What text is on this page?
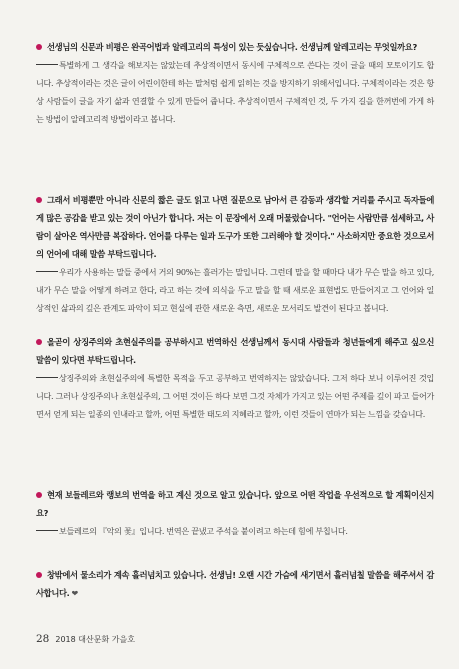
선생님의 신문과 비평은 완곡어법과 알레고리의 특성이 있는 듯싶습니다. 선생님께 알레고리는 무엇일까요?

특별하게 그 생각을 해보지는 않았는데 추상적이면서 동시에 구체적으로 쓴다는 것이 글을 때의 모토이기도 합니다. 추상적이라는 것은 글이 어린이한테 하는 말처럼 쉽게 읽히는 것을 방지하기 위해서입니다. 구체적이라는 것은 항상 사람들이 글을 자기 삶과 연결할 수 있게 만들어 줍니다. 추상적이면서 구체적인 것, 두 가지 길을 한꺼번에 가게 하는 방법이 알레고리적 방법이라고 봅니다.

그래서 비평뿐만 아니라 신문의 짧은 글도 읽고 나면 질문으로 남아서 큰 감동과 생각할 거리를 주시고 독자들에게 많은 공감을 받고 있는 것이 아닌가 합니다. 저는 이 문장에서 오래 머물렀습니다. "언어는 사람만큼 섬세하고, 사람이 살아온 역사만큼 복잡하다. 언어를 다루는 일과 도구가 또한 그러해야 할 것이다." 사소하지만 중요한 것으로서의 언어에 대해 말씀 부탁드립니다.

우리가 사용하는 말들 중에서 거의 90%는 흘러가는 말입니다. 그런데 말을 할 때마다 내가 무슨 말을 하고 있다, 내가 무슨 말을 어떻게 하려고 한다, 라고 하는 것에 의식을 두고 말을 할 때 새로운 표현법도 만들어지고 그 언어와 일상적인 삶과의 깊은 관계도 파악이 되고 현실에 관한 새로운 측면, 새로운 모서리도 발견이 된다고 봅니다.

올곧이 상징주의와 초현실주의를 공부하시고 번역하신 선생님께서 동시대 사람들과 청년들에게 해주고 싶으신 말씀이 있다면 부탁드립니다.

상징주의와 초현실주의에 특별한 목적을 두고 공부하고 번역하지는 않았습니다. 그저 하다 보니 이루어진 것입니다. 그러나 상징주의나 초현실주의, 그 어떤 것이든 하다 보면 그것 자체가 가지고 있는 어떤 주제를 깊이 파고 들어가면서 얻게 되는 일종의 인내라고 할까, 어떤 특별한 태도의 지혜라고 할까, 이런 것들이 연마가 되는 느낌을 갖습니다.

현재 보들레르와 랭보의 번역을 하고 계신 것으로 알고 있습니다. 앞으로 어떤 작업을 우선적으로 할 계획이신지요?

보들레르의 『악의 꽃』입니다. 번역은 끝냈고 주석을 붙이려고 하는데 힘에 부칩니다.

창밖에서 물소리가 계속 흘러넘치고 있습니다. 선생님! 오랜 시간 가슴에 새기면서 흘러넘칠 말씀을 해주셔서 감사합니다. ❤

28 2018 대산문화 가을호
